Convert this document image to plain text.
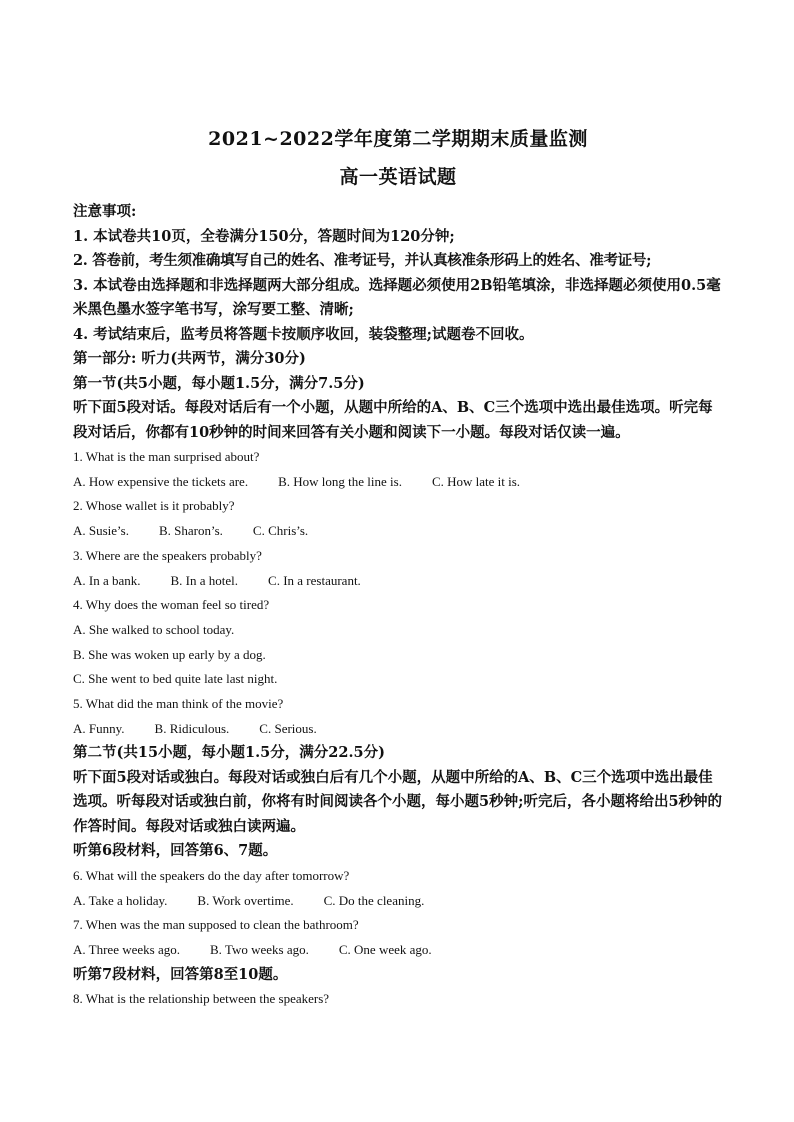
2021~2022学年度第二学期期末质量监测

高一英语试题

注意事项:

1. 本试卷共10页，全卷满分150分，答题时间为120分钟;

2. 答卷前，考生须准确填写自己的姓名、准考证号，并认真核准条形码上的姓名、准考证号;

3. 本试卷由选择题和非选择题两大部分组成。选择题必须使用2B铅笔填涂，非选择题必须使用0.5毫米黑色墨水签字笔书写，涂写要工整、清晰;

4. 考试结束后，监考员将答题卡按顺序收回，装袋整理;试题卷不回收。

第一部分: 听力(共两节，满分30分)

第一节(共5小题，每小题1.5分，满分7.5分)

听下面5段对话。每段对话后有一个小题，从题中所给的A、B、C三个选项中选出最佳选项。听完每段对话后，你都有10秒钟的时间来回答有关小题和阅读下一小题。每段对话仅读一遍。

1. What is the man surprised about?

A. How expensive the tickets are. B. How long the line is. C. How late it is.

2. Whose wallet is it probably?

A. Susie’s. B. Sharon’s. C. Chris’s.

3. Where are the speakers probably?

A. In a bank. B. In a hotel. C. In a restaurant.

4. Why does the woman feel so tired?

A. She walked to school today.

B. She was woken up early by a dog.

C. She went to bed quite late last night.

5. What did the man think of the movie?

A. Funny. B. Ridiculous. C. Serious.

第二节(共15小题，每小题1.5分，满分22.5分)

听下面5段对话或独白。每段对话或独白后有几个小题，从题中所给的A、B、C三个选项中选出最佳选项。听每段对话或独白前，你将有时间阅读各个小题，每小题5秒钟;听完后，各小题将给出5秒钟的作答时间。每段对话或独白读两遍。

听第6段材料，回答第6、7题。

6. What will the speakers do the day after tomorrow?

A. Take a holiday. B. Work overtime. C. Do the cleaning.

7. When was the man supposed to clean the bathroom?

A. Three weeks ago. B. Two weeks ago. C. One week ago.

听第7段材料，回答第8至10题。

8. What is the relationship between the speakers?
